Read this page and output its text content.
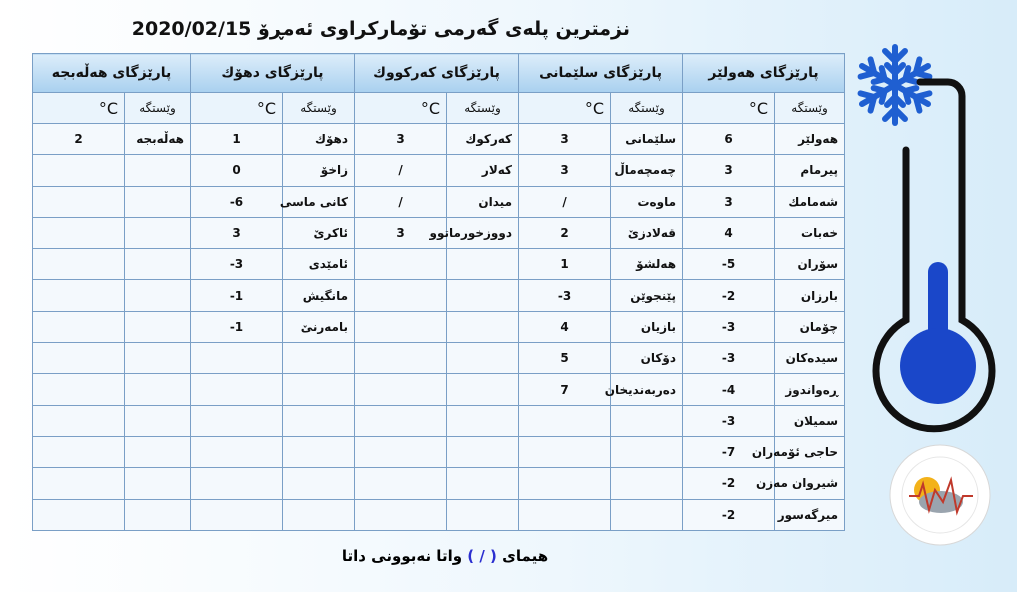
نزمترین پلەی گەرمی تۆمارکراوی ئەمڕۆ 2020/02/15
پارێزگای هەولێر		پارێزگای سلێمانی		پارێزگای کەرکووك		پارێزگای دهۆك		پارێزگای هەڵەبجە	
وێستگە	°C	وێستگە	°C	وێستگە	°C	وێستگە	°C	وێستگە	°C
هەولێر	6	سلێمانی	3	کەرکوك	3	دهۆك	1	هەڵەبجە	2
پیرمام	3	چەمچەماڵ	3	کەلار	/	زاخۆ	0		
شەمامك	3	ماوەت	/	میدان	/	کانی ماسی	-6		
خەبات	4	قەلادزێ	2	دووزخورماتوو	3	ئاکرێ	3		
سۆران	-5	هەلشۆ	1			ئامێدی	-3		
بارزان	-2	پێنجوێن	-3			مانگیش	-1		
چۆمان	-3	بازیان	4			بامەرنێ	-1		
سیدەکان	-3	دۆکان	5						
ڕەواندوز	-4	دەربەندیخان	7						
سمیلان	-3								
حاجی ئۆمەران	-7								
شیروان مەزن	-2								
میرگەسور	-2								
هیمای ( / ) واتا نەبوونی داتا
